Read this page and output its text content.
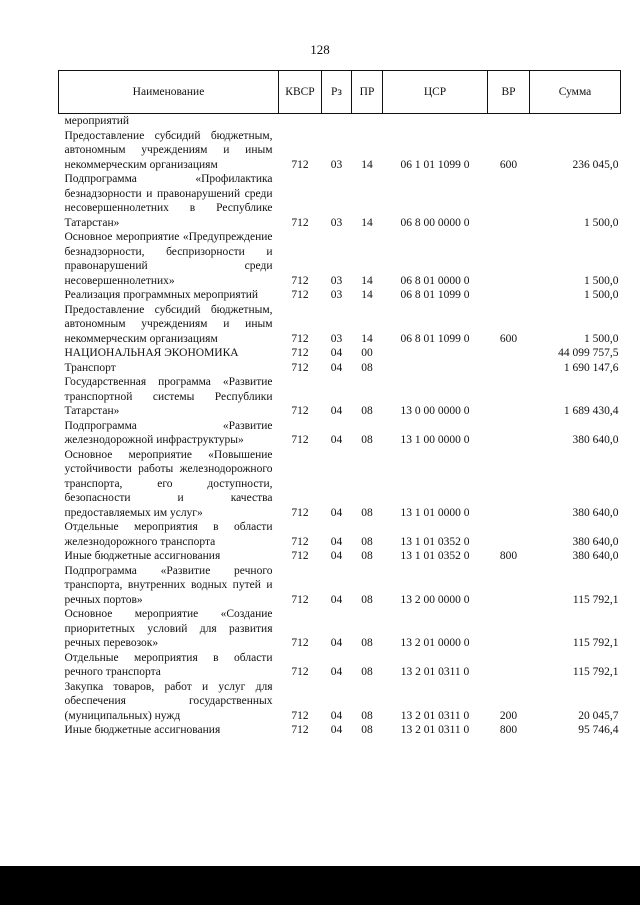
128
Наименование	КВСР	Рз	ПР	ЦСР	ВР	Сумма
мероприятий						
Предоставление субсидий бюджетным, автономным учреждениям и иным некоммерческим организациям	712	03	14	06 1 01 1099 0	600	236 045,0
Подпрограмма «Профилактика безнадзорности и правонарушений среди несовершеннолетних в Республике Татарстан»	712	03	14	06 8 00 0000 0		1 500,0
Основное мероприятие «Предупреждение безнадзорности, беспризорности и правонарушений среди несовершеннолетних»	712	03	14	06 8 01 0000 0		1 500,0
Реализация программных мероприятий	712	03	14	06 8 01 1099 0		1 500,0
Предоставление субсидий бюджетным, автономным учреждениям и иным некоммерческим организациям	712	03	14	06 8 01 1099 0	600	1 500,0
НАЦИОНАЛЬНАЯ ЭКОНОМИКА	712	04	00			44 099 757,5
Транспорт	712	04	08			1 690 147,6
Государственная программа «Развитие транспортной системы Республики Татарстан»	712	04	08	13 0 00 0000 0		1 689 430,4
Подпрограмма «Развитие железнодорожной инфраструктуры»	712	04	08	13 1 00 0000 0		380 640,0
Основное мероприятие «Повышение устойчивости работы железнодорожного транспорта, его доступности, безопасности и качества предоставляемых им услуг»	712	04	08	13 1 01 0000 0		380 640,0
Отдельные мероприятия в области железнодорожного транспорта	712	04	08	13 1 01 0352 0		380 640,0
Иные бюджетные ассигнования	712	04	08	13 1 01 0352 0	800	380 640,0
Подпрограмма «Развитие речного транспорта, внутренних водных путей и речных портов»	712	04	08	13 2 00 0000 0		115 792,1
Основное мероприятие «Создание приоритетных условий для развития речных перевозок»	712	04	08	13 2 01 0000 0		115 792,1
Отдельные мероприятия в области речного транспорта	712	04	08	13 2 01 0311 0		115 792,1
Закупка товаров, работ и услуг для обеспечения государственных (муниципальных) нужд	712	04	08	13 2 01 0311 0	200	20 045,7
Иные бюджетные ассигнования	712	04	08	13 2 01 0311 0	800	95 746,4
